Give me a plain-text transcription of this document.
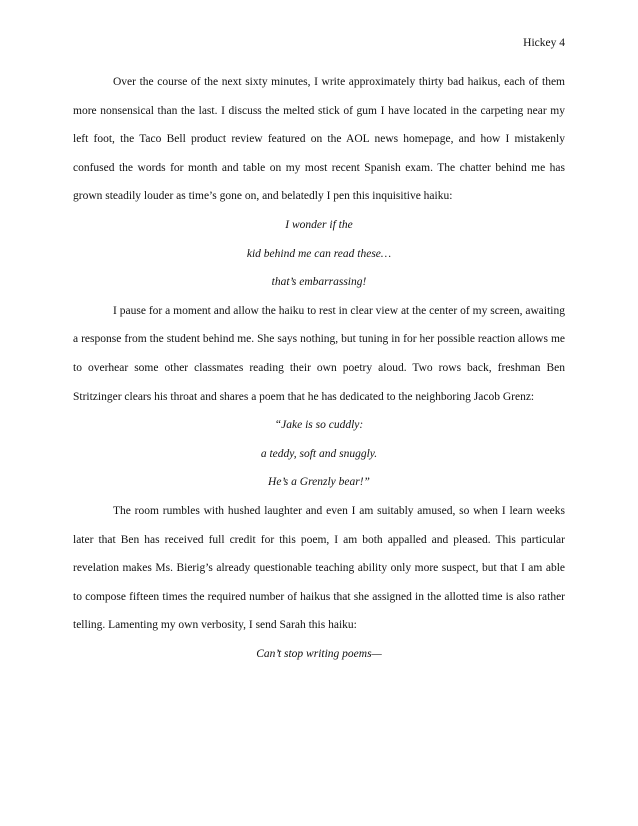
Hickey 4

Over the course of the next sixty minutes, I write approximately thirty bad haikus, each of them more nonsensical than the last. I discuss the melted stick of gum I have located in the carpeting near my left foot, the Taco Bell product review featured on the AOL news homepage, and how I mistakenly confused the words for month and table on my most recent Spanish exam. The chatter behind me has grown steadily louder as time’s gone on, and belatedly I pen this inquisitive haiku:

I wonder if the

kid behind me can read these…

that’s embarrassing!

I pause for a moment and allow the haiku to rest in clear view at the center of my screen, awaiting a response from the student behind me. She says nothing, but tuning in for her possible reaction allows me to overhear some other classmates reading their own poetry aloud. Two rows back, freshman Ben Stritzinger clears his throat and shares a poem that he has dedicated to the neighboring Jacob Grenz:

“Jake is so cuddly:

a teddy, soft and snuggly.

He’s a Grenzly bear!”

The room rumbles with hushed laughter and even I am suitably amused, so when I learn weeks later that Ben has received full credit for this poem, I am both appalled and pleased. This particular revelation makes Ms. Bierig’s already questionable teaching ability only more suspect, but that I am able to compose fifteen times the required number of haikus that she assigned in the allotted time is also rather telling. Lamenting my own verbosity, I send Sarah this haiku:

Can’t stop writing poems—
